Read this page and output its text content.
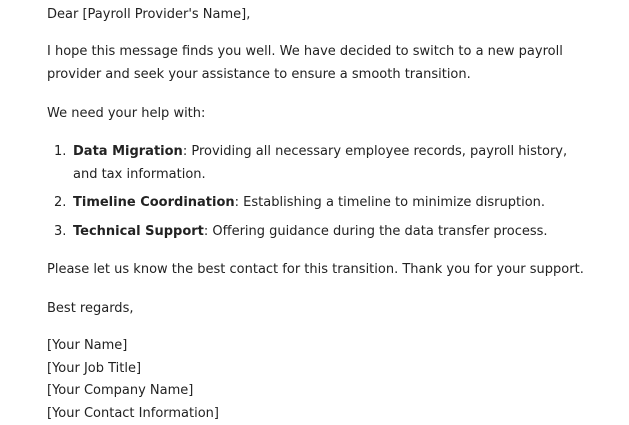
Dear [Payroll Provider's Name],

I hope this message finds you well. We have decided to switch to a new payroll provider and seek your assistance to ensure a smooth transition.

We need your help with:

1. Data Migration: Providing all necessary employee records, payroll history, and tax information.
2. Timeline Coordination: Establishing a timeline to minimize disruption.
3. Technical Support: Offering guidance during the data transfer process.

Please let us know the best contact for this transition. Thank you for your support.

Best regards,

[Your Name]

[Your Job Title]

[Your Company Name]

[Your Contact Information]
